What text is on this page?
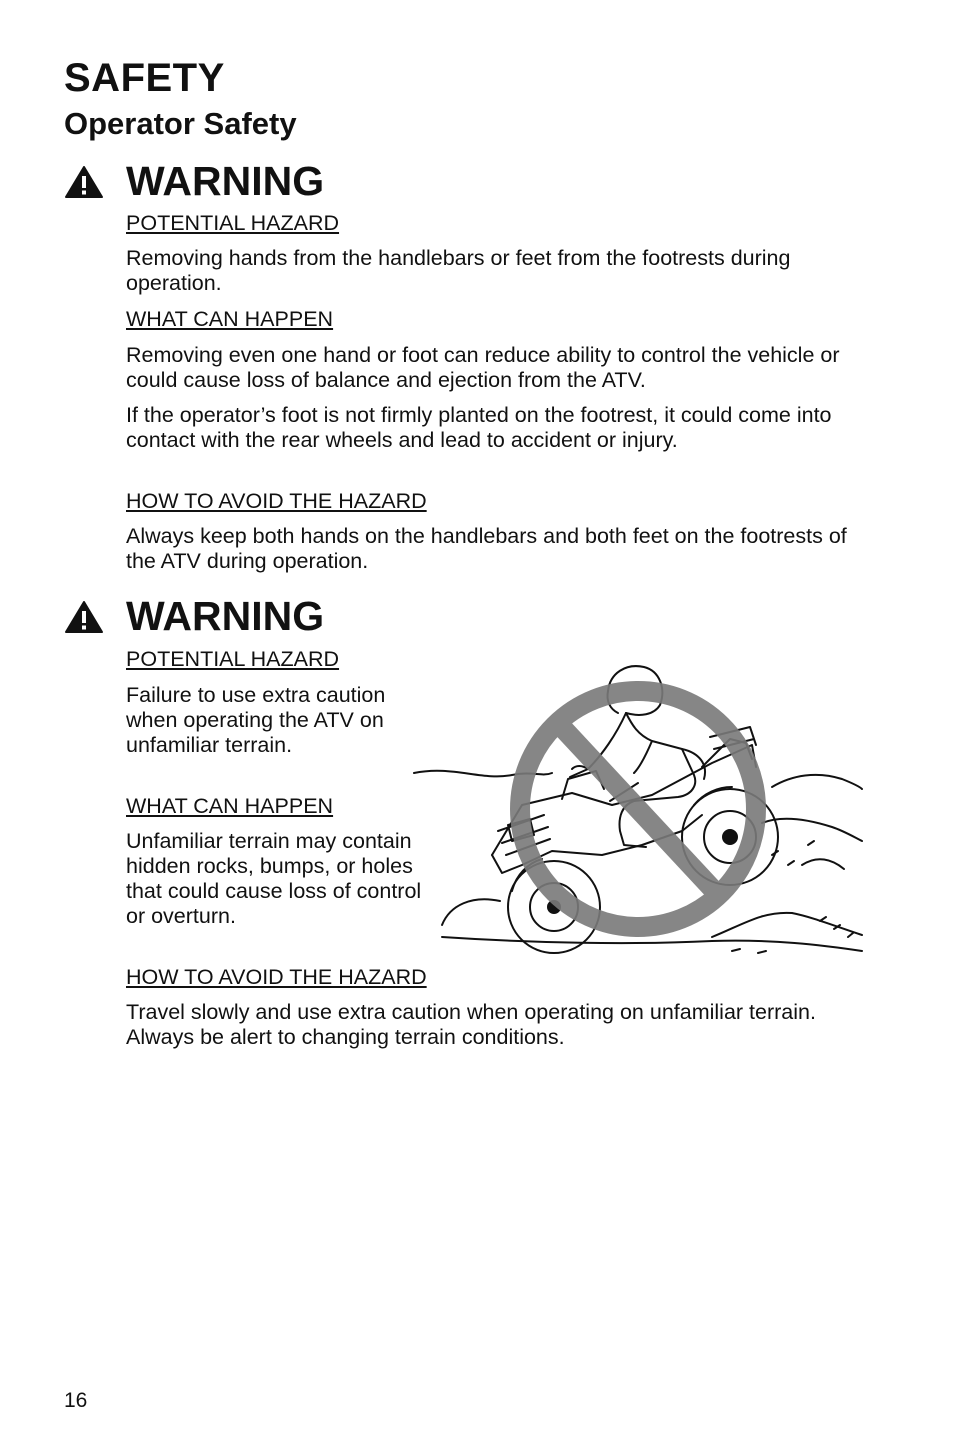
SAFETY
Operator Safety
WARNING
POTENTIAL HAZARD
Removing hands from the handlebars or feet from the footrests during operation.
WHAT CAN HAPPEN
Removing even one hand or foot can reduce ability to control the vehicle or could cause loss of balance and ejection from the ATV.
If the operator’s foot is not firmly planted on the footrest, it could come into contact with the rear wheels and lead to accident or injury.
HOW TO AVOID THE HAZARD
Always keep both hands on the handlebars and both feet on the footrests of the ATV during operation.
WARNING
POTENTIAL HAZARD
Failure to use extra caution when operating the ATV on unfamiliar terrain.
WHAT CAN HAPPEN
Unfamiliar terrain may contain hidden rocks, bumps, or holes that could cause loss of control or overturn.
HOW TO AVOID THE HAZARD
Travel slowly and use extra caution when operating on unfamiliar terrain. Always be alert to changing terrain conditions.
16
